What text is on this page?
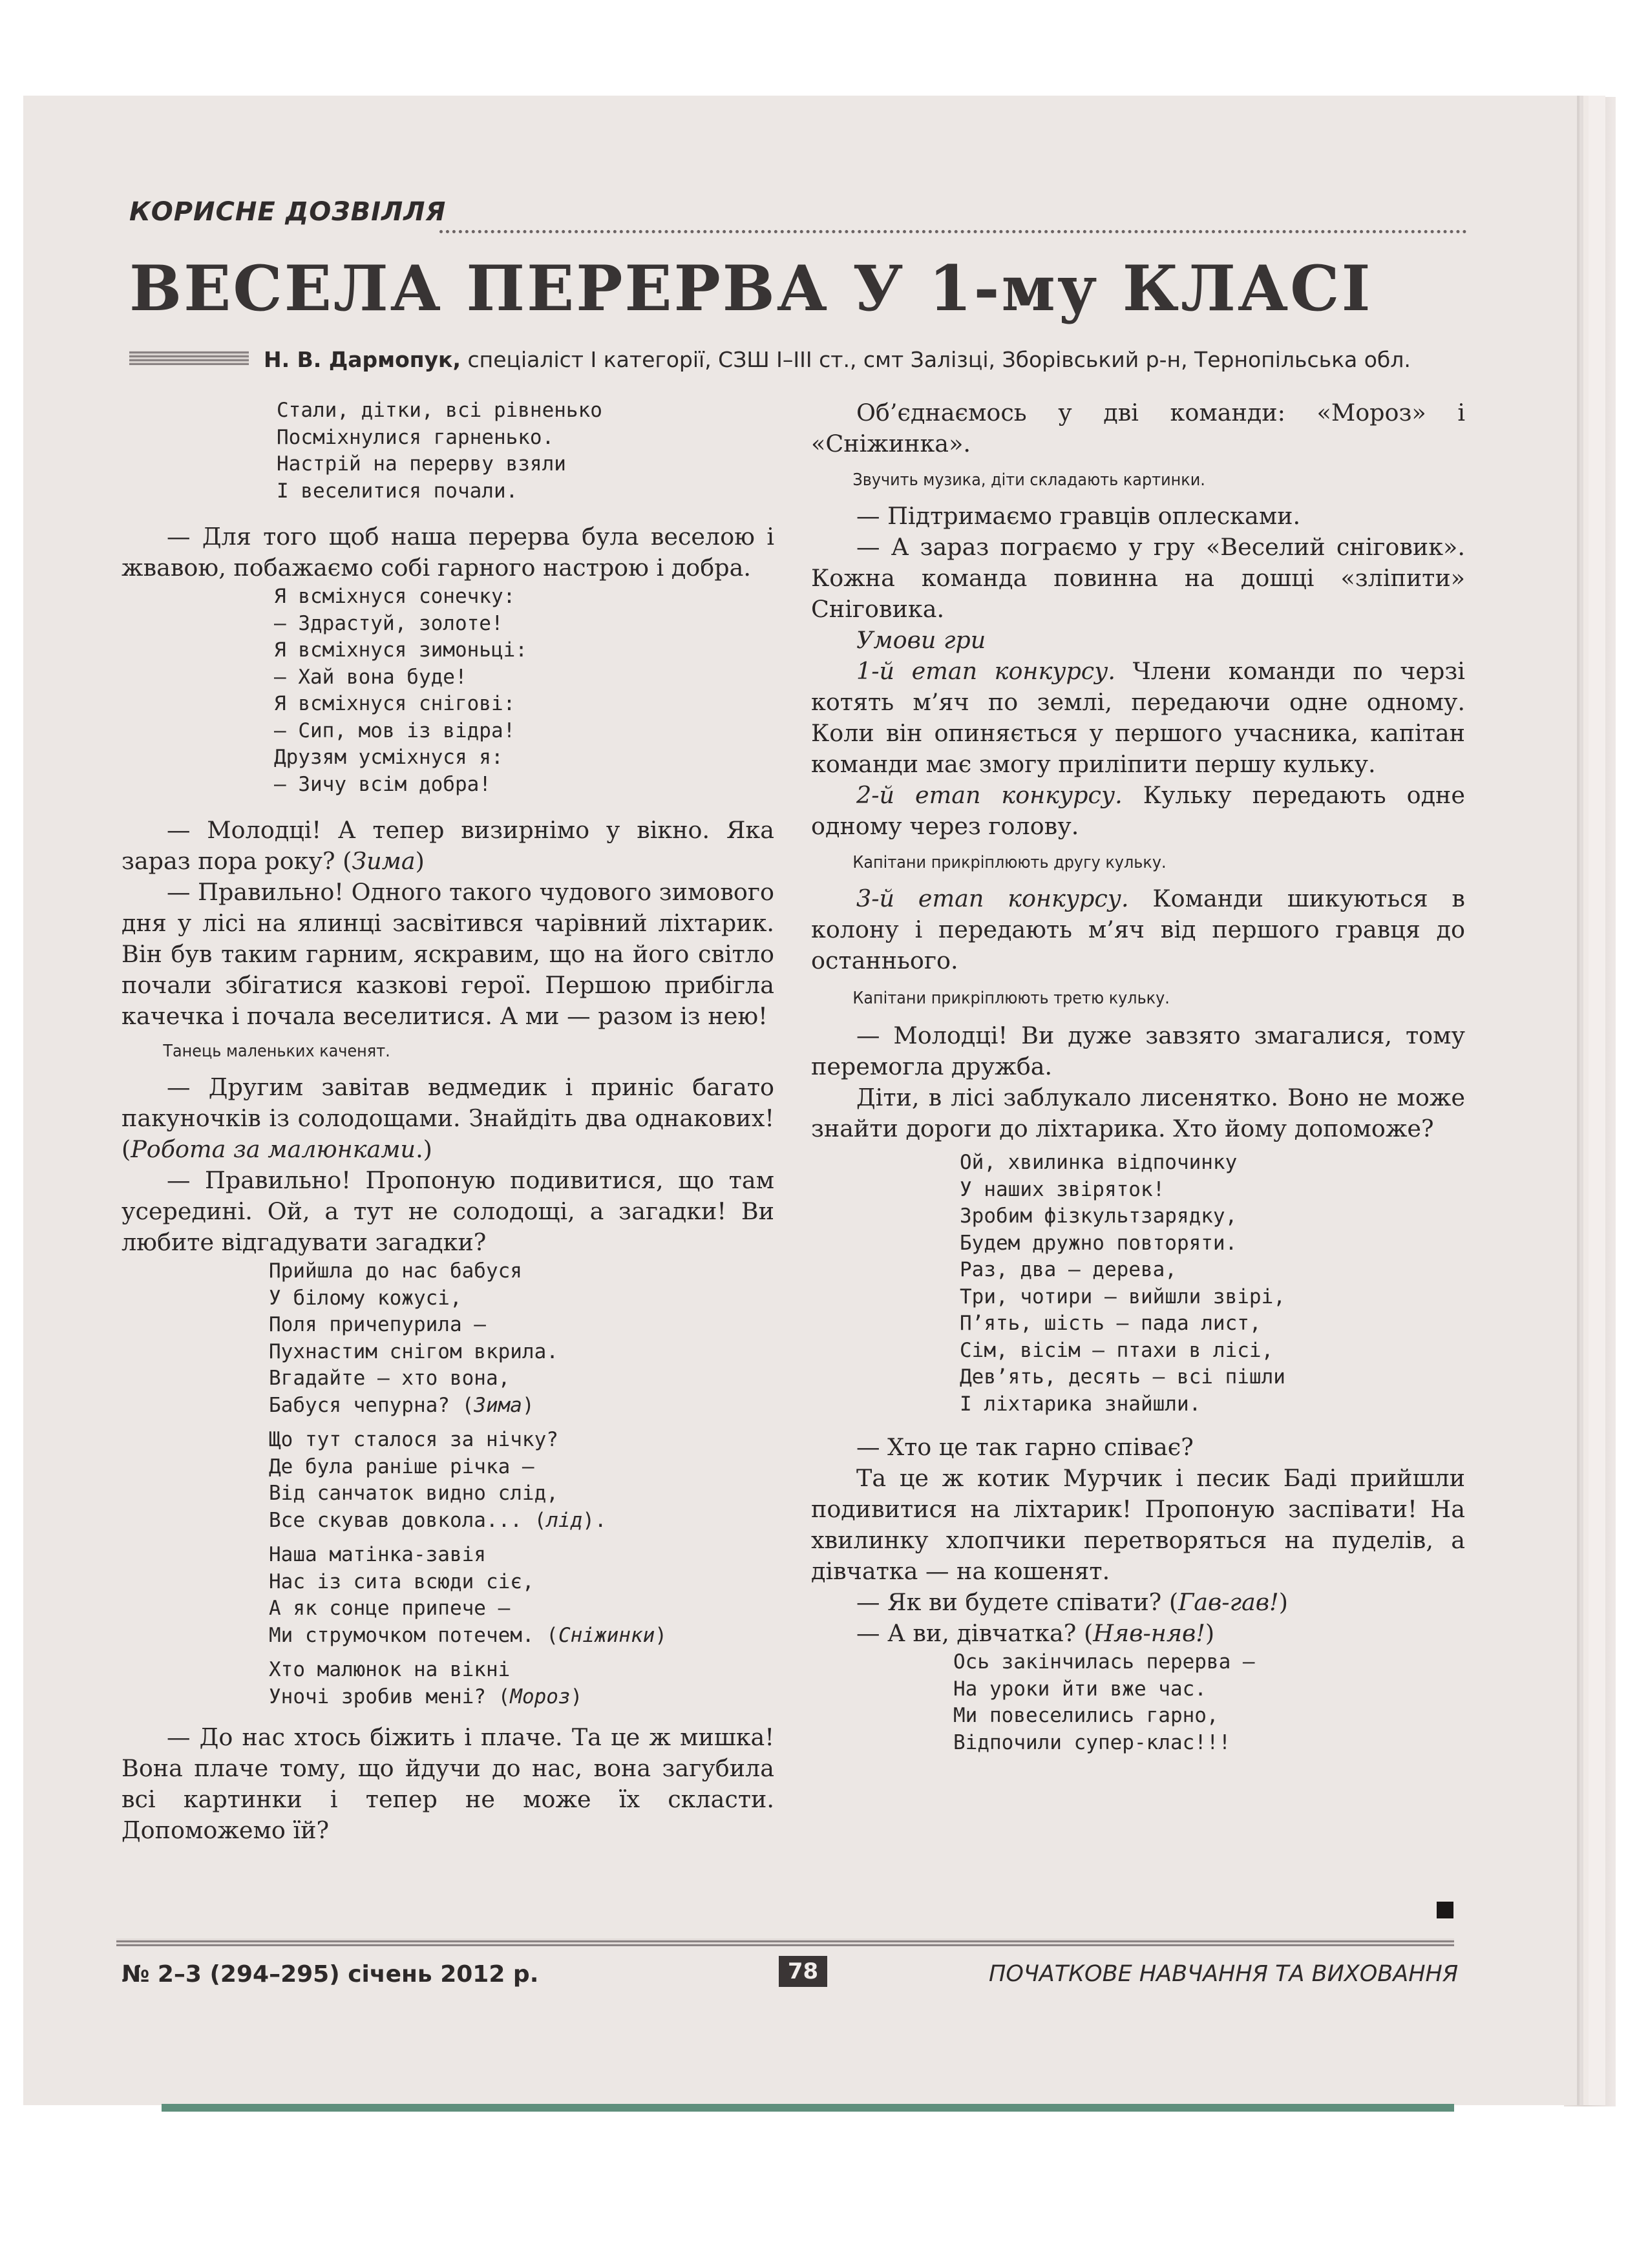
КОРИСНЕ ДОЗВІЛЛЯ
ВЕСЕЛА ПЕРЕРВА У 1-му КЛАСІ
Н. В. Дармопук, спеціаліст І категорії, СЗШ І–ІІІ ст., смт Залізці, Зборівський р-н, Тернопільська обл.
Стали, дітки, всі рівненько
Посміхнулися гарненько.
Настрій на перерву взяли
І веселитися почали.

— Для того щоб наша перерва була веселою і жвавою, побажаємо собі гарного настрою і добра.

Я всміхнуся сонечку:
— Здрастуй, золоте!
Я всміхнуся зимоньці:
— Хай вона буде!
Я всміхнуся снігові:
— Сип, мов із відра!
Друзям усміхнуся я:
— Зичу всім добра!

— Молодці! А тепер визирнімо у вікно. Яка зараз пора року? (Зима)

— Правильно! Одного такого чудового зимового дня у лісі на ялинці засвітився чарівний ліхтарик. Він був таким гарним, яскравим, що на його світло почали збігатися казкові герої. Першою прибігла качечка і почала веселитися. А ми — разом із нею!

Танець маленьких каченят.

— Другим завітав ведмедик і приніс багато пакуночків із солодощами. Знайдіть два однакових! (Робота за малюнками.)

— Правильно! Пропоную подивитися, що там усередині. Ой, а тут не солодощі, а загадки! Ви любите відгадувати загадки?

Прийшла до нас бабуся
У білому кожусі,
Поля причепурила —
Пухнастим снігом вкрила.
Вгадайте — хто вона,
Бабуся чепурна? (Зима)
Що тут сталося за нічку?
Де була раніше річка —
Від санчаток видно слід,
Все скував довкола... (лід).
Наша матінка-завія
Нас із сита всюди сіє,
А як сонце припече —
Ми струмочком потечем. (Сніжинки)
Хто малюнок на вікні
Уночі зробив мені? (Мороз)

— До нас хтось біжить і плаче. Та це ж мишка! Вона плаче тому, що йдучи до нас, вона загубила всі картинки і тепер не може їх скласти. Допоможемо їй?

Об’єднаємось у дві команди: «Мороз» і «Сніжинка».

Звучить музика, діти складають картинки.

— Підтримаємо гравців оплесками.

— А зараз пограємо у гру «Веселий сніговик». Кожна команда повинна на дошці «зліпити» Сніговика.

Умови гри

1-й етап конкурсу. Члени команди по черзі котять м’яч по землі, передаючи одне одному. Коли він опиняється у першого учасника, капітан команди має змогу приліпити першу кульку.

2-й етап конкурсу. Кульку передають одне одному через голову.

Капітани прикріплюють другу кульку.

3-й етап конкурсу. Команди шикуються в колону і передають м’яч від першого гравця до останнього.

Капітани прикріплюють третю кульку.

— Молодці! Ви дуже завзято змагалися, тому перемогла дружба.

Діти, в лісі заблукало лисенятко. Воно не може знайти дороги до ліхтарика. Хто йому допоможе?

Ой, хвилинка відпочинку
У наших звіряток!
Зробим фізкультзарядку,
Будем дружно повторяти.
Раз, два — дерева,
Три, чотири — вийшли звірі,
П’ять, шість — пада лист,
Сім, вісім — птахи в лісі,
Дев’ять, десять — всі пішли
І ліхтарика знайшли.

— Хто це так гарно співає?

Та це ж котик Мурчик і песик Баді прийшли подивитися на ліхтарик! Пропоную заспівати! На хвилинку хлопчики перетворяться на пуделів, а дівчатка — на кошенят.

— Як ви будете співати? (Гав-гав!)

— А ви, дівчатка? (Няв-няв!)

Ось закінчилась перерва —
На уроки йти вже час.
Ми повеселились гарно,
Відпочили супер-клас!!!
№ 2–3 (294–295) січень 2012 р.	78	ПОЧАТКОВЕ НАВЧАННЯ ТА ВИХОВАННЯ
